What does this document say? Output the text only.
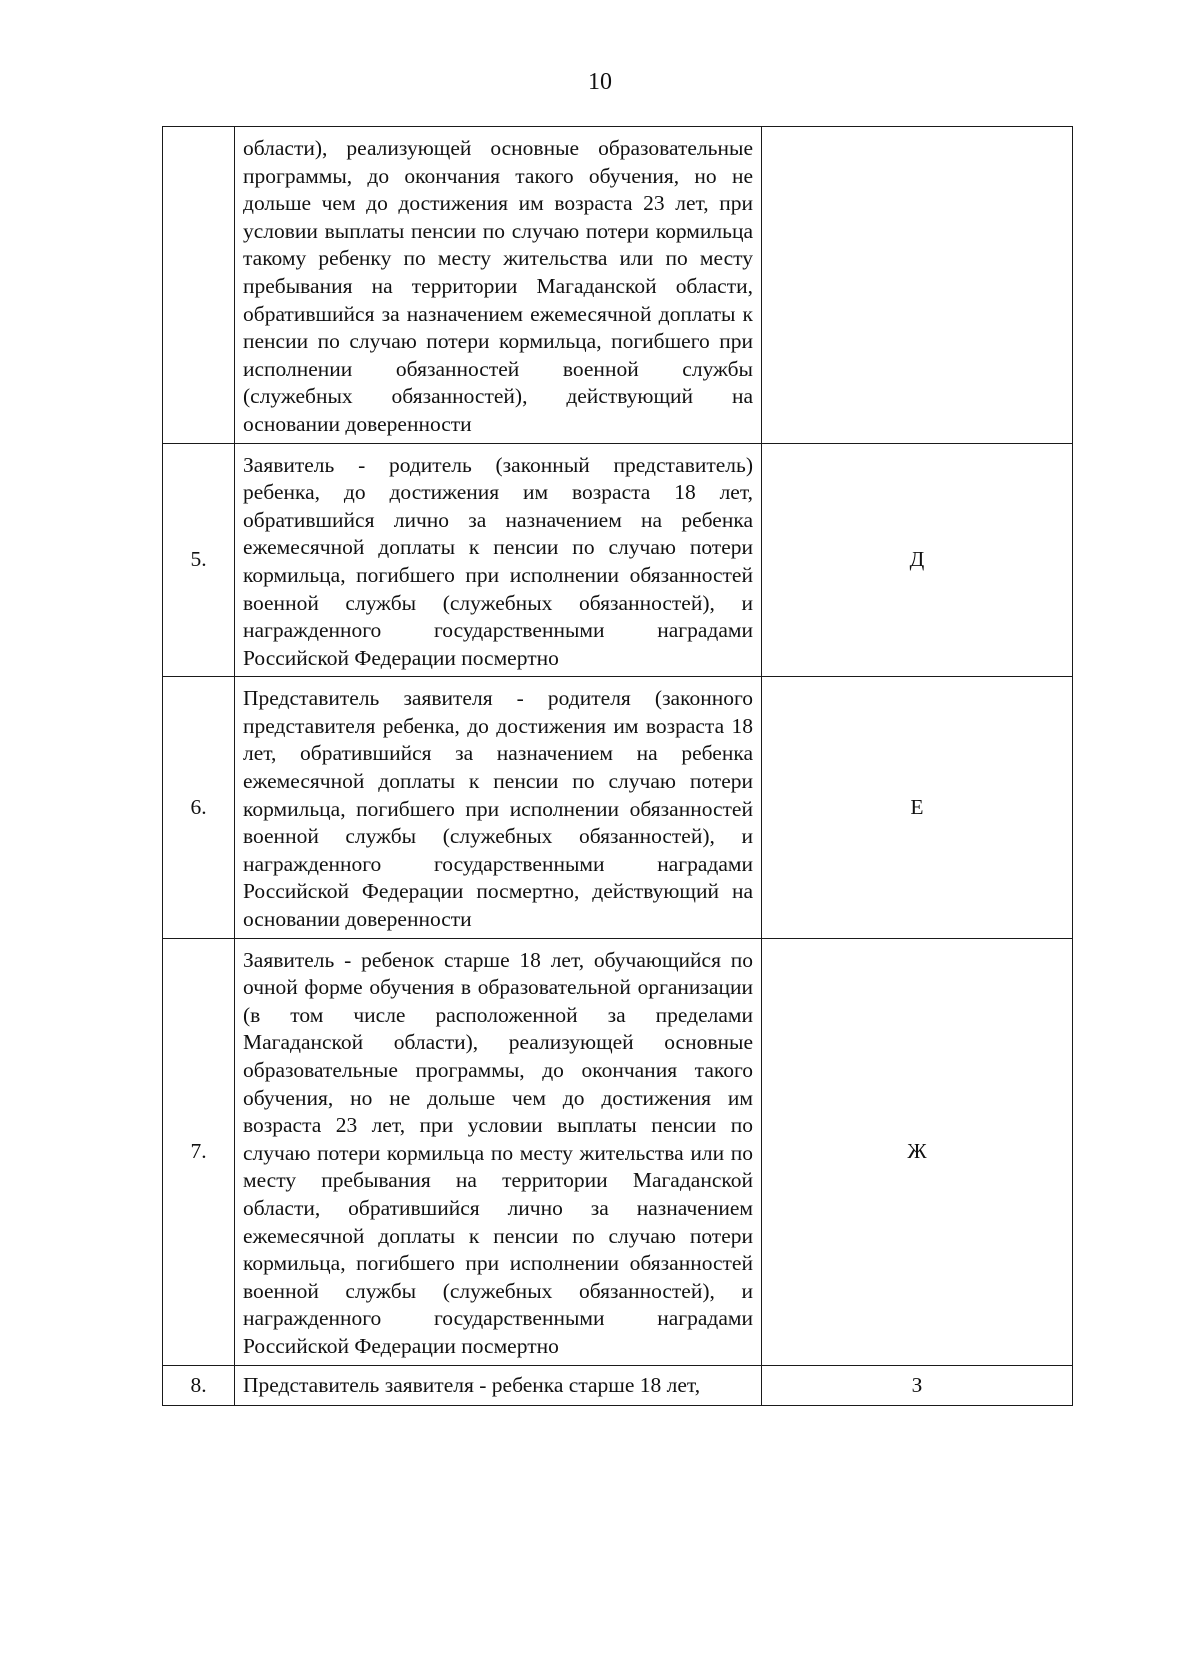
10
	области), реализующей основные образовательные программы, до окончания такого обучения, но не дольше чем до достижения им возраста 23 лет, при условии выплаты пенсии по случаю потери кормильца такому ребенку по месту жительства или по месту пребывания на территории Магаданской области, обратившийся за назначением ежемесячной доплаты к пенсии по случаю потери кормильца, погибшего при исполнении обязанностей военной службы (служебных обязанностей), действующий на основании доверенности	
5.	Заявитель - родитель (законный представитель) ребенка, до достижения им возраста 18 лет, обратившийся лично за назначением на ребенка ежемесячной доплаты к пенсии по случаю потери кормильца, погибшего при исполнении обязанностей военной службы (служебных обязанностей), и награжденного государственными наградами Российской Федерации посмертно	Д
6.	Представитель заявителя - родителя (законного представителя ребенка, до достижения им возраста 18 лет, обратившийся за назначением на ребенка ежемесячной доплаты к пенсии по случаю потери кормильца, погибшего при исполнении обязанностей военной службы (служебных обязанностей), и награжденного государственными наградами Российской Федерации посмертно, действующий на основании доверенности	Е
7.	Заявитель - ребенок старше 18 лет, обучающийся по очной форме обучения в образовательной организации (в том числе расположенной за пределами Магаданской области), реализующей основные образовательные программы, до окончания такого обучения, но не дольше чем до достижения им возраста 23 лет, при условии выплаты пенсии по случаю потери кормильца по месту жительства или по месту пребывания на территории Магаданской области, обратившийся лично за назначением ежемесячной доплаты к пенсии по случаю потери кормильца, погибшего при исполнении обязанностей военной службы (служебных обязанностей), и награжденного государственными наградами Российской Федерации посмертно	Ж
8.	Представитель заявителя - ребенка старше 18 лет,	З
